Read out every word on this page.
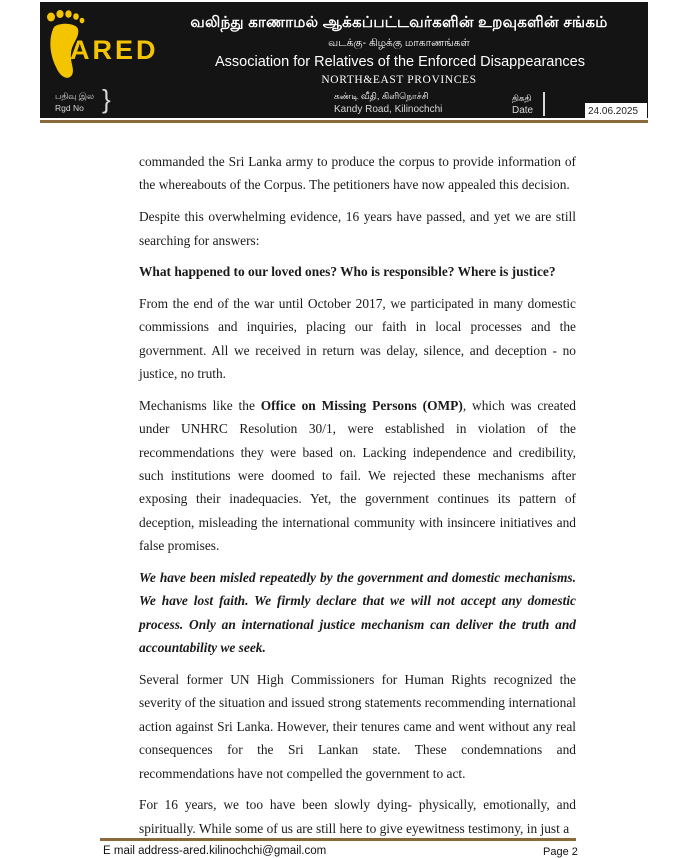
ARED
வலிந்து காணாமல் ஆக்கப்பட்டவர்களின் உறவுகளின் சங்கம்
வடக்கு- கிழக்கு மாகாணங்கள்
Association for Relatives of the Enforced Disappearances
NORTH&EAST PROVINCES
பதிவு இல
Rgd No }	கண்டி வீதி, கிளிநொச்சி
Kandy Road, Kilinochchi
திகதி
Date	24.06.2025

commanded the Sri Lanka army to produce the corpus to provide information of the whereabouts of the Corpus. The petitioners have now appealed this decision.

Despite this overwhelming evidence, 16 years have passed, and yet we are still searching for answers:

What happened to our loved ones? Who is responsible? Where is justice?

From the end of the war until October 2017, we participated in many domestic commissions and inquiries, placing our faith in local processes and the government. All we received in return was delay, silence, and deception - no justice, no truth.

Mechanisms like the Office on Missing Persons (OMP), which was created under UNHRC Resolution 30/1, were established in violation of the recommendations they were based on. Lacking independence and credibility, such institutions were doomed to fail. We rejected these mechanisms after exposing their inadequacies. Yet, the government continues its pattern of deception, misleading the international community with insincere initiatives and false promises.

We have been misled repeatedly by the government and domestic mechanisms. We have lost faith. We firmly declare that we will not accept any domestic process. Only an international justice mechanism can deliver the truth and accountability we seek.

Several former UN High Commissioners for Human Rights recognized the severity of the situation and issued strong statements recommending international action against Sri Lanka. However, their tenures came and went without any real consequences for the Sri Lankan state. These condemnations and recommendations have not compelled the government to act.

For 16 years, we too have been slowly dying- physically, emotionally, and spiritually. While some of us are still here to give eyewitness testimony, in just a

E mail address-ared.kilinochchi@gmail.com	Page 2
